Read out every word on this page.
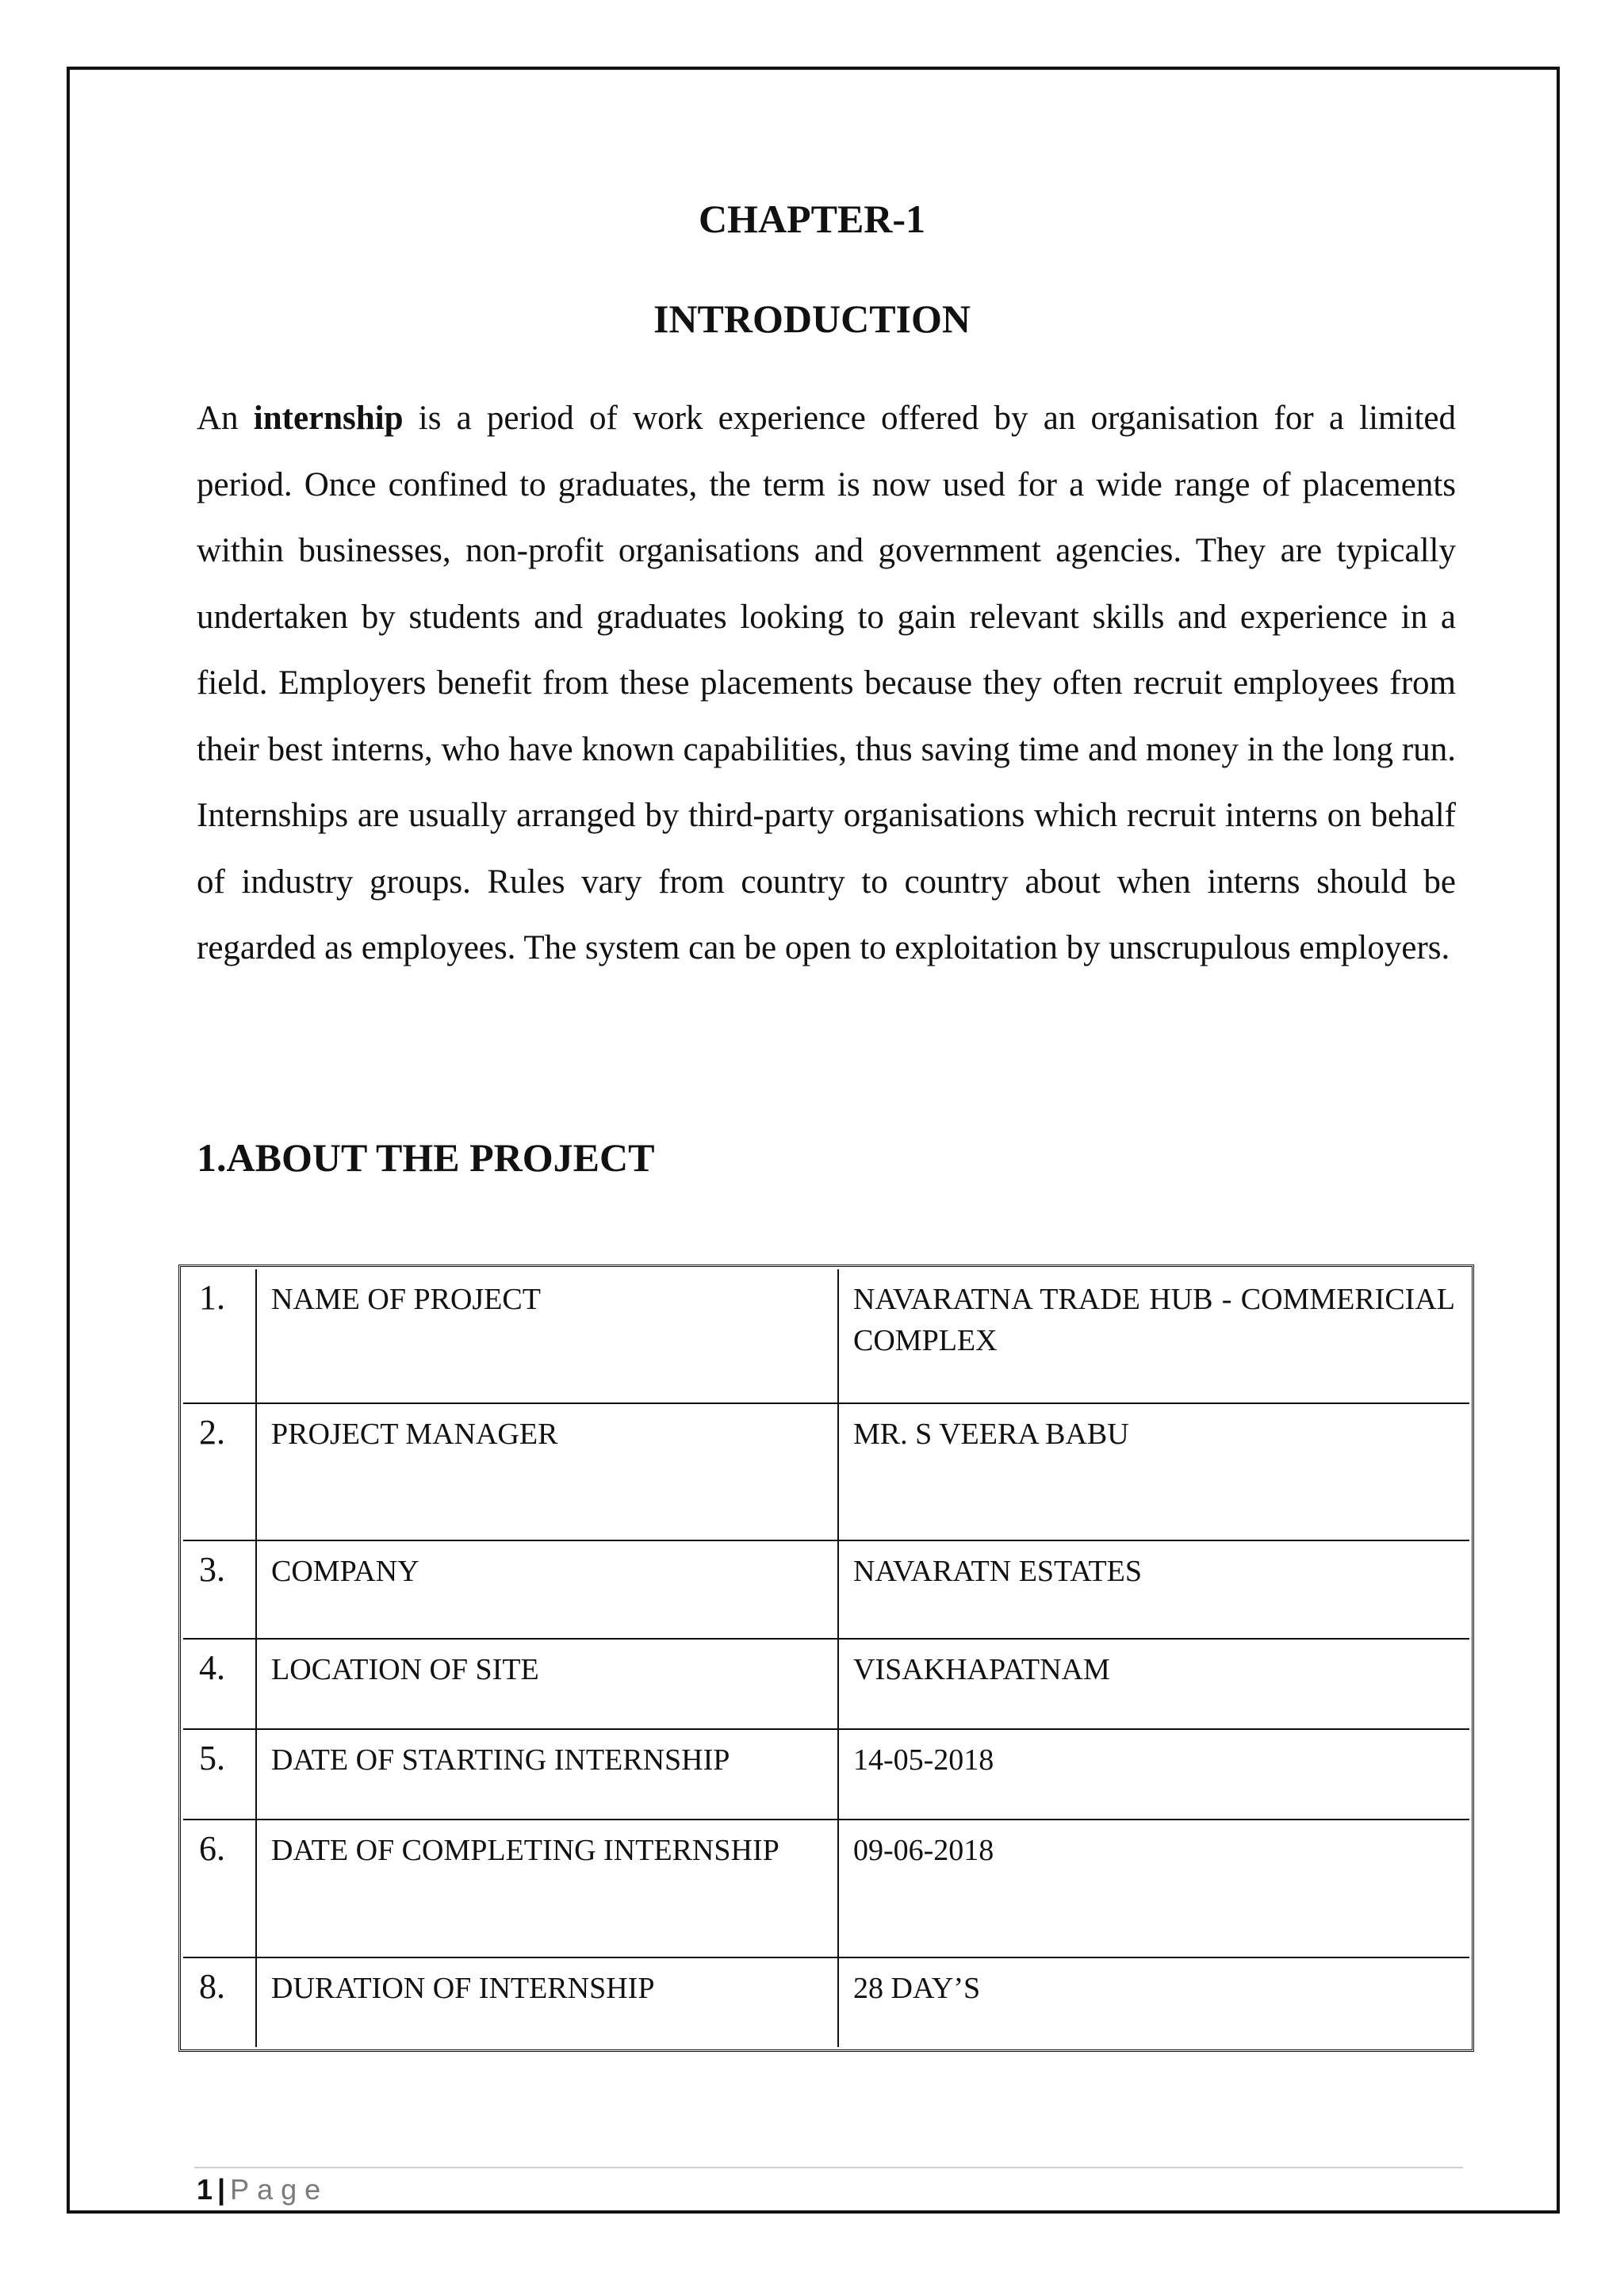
CHAPTER-1
INTRODUCTION

An internship is a period of work experience offered by an organisation for a limited period. Once confined to graduates, the term is now used for a wide range of placements within businesses, non-profit organisations and government agencies. They are typically undertaken by students and graduates looking to gain relevant skills and experience in a field. Employers benefit from these placements because they often recruit employees from their best interns, who have known capabilities, thus saving time and money in the long run. Internships are usually arranged by third-party organisations which recruit interns on behalf of industry groups. Rules vary from country to country about when interns should be regarded as employees. The system can be open to exploitation by unscrupulous employers.

1.ABOUT THE PROJECT
1.	NAME OF PROJECT	NAVARATNA TRADE HUB - COMMERICIAL COMPLEX
2.	PROJECT MANAGER	MR. S VEERA BABU
3.	COMPANY	NAVARATN ESTATES
4.	LOCATION OF SITE	VISAKHAPATNAM
5.	DATE OF STARTING INTERNSHIP	14-05-2018
6.	DATE OF COMPLETING INTERNSHIP	09-06-2018
8.	DURATION OF INTERNSHIP	28 DAY’S
1 | Page
